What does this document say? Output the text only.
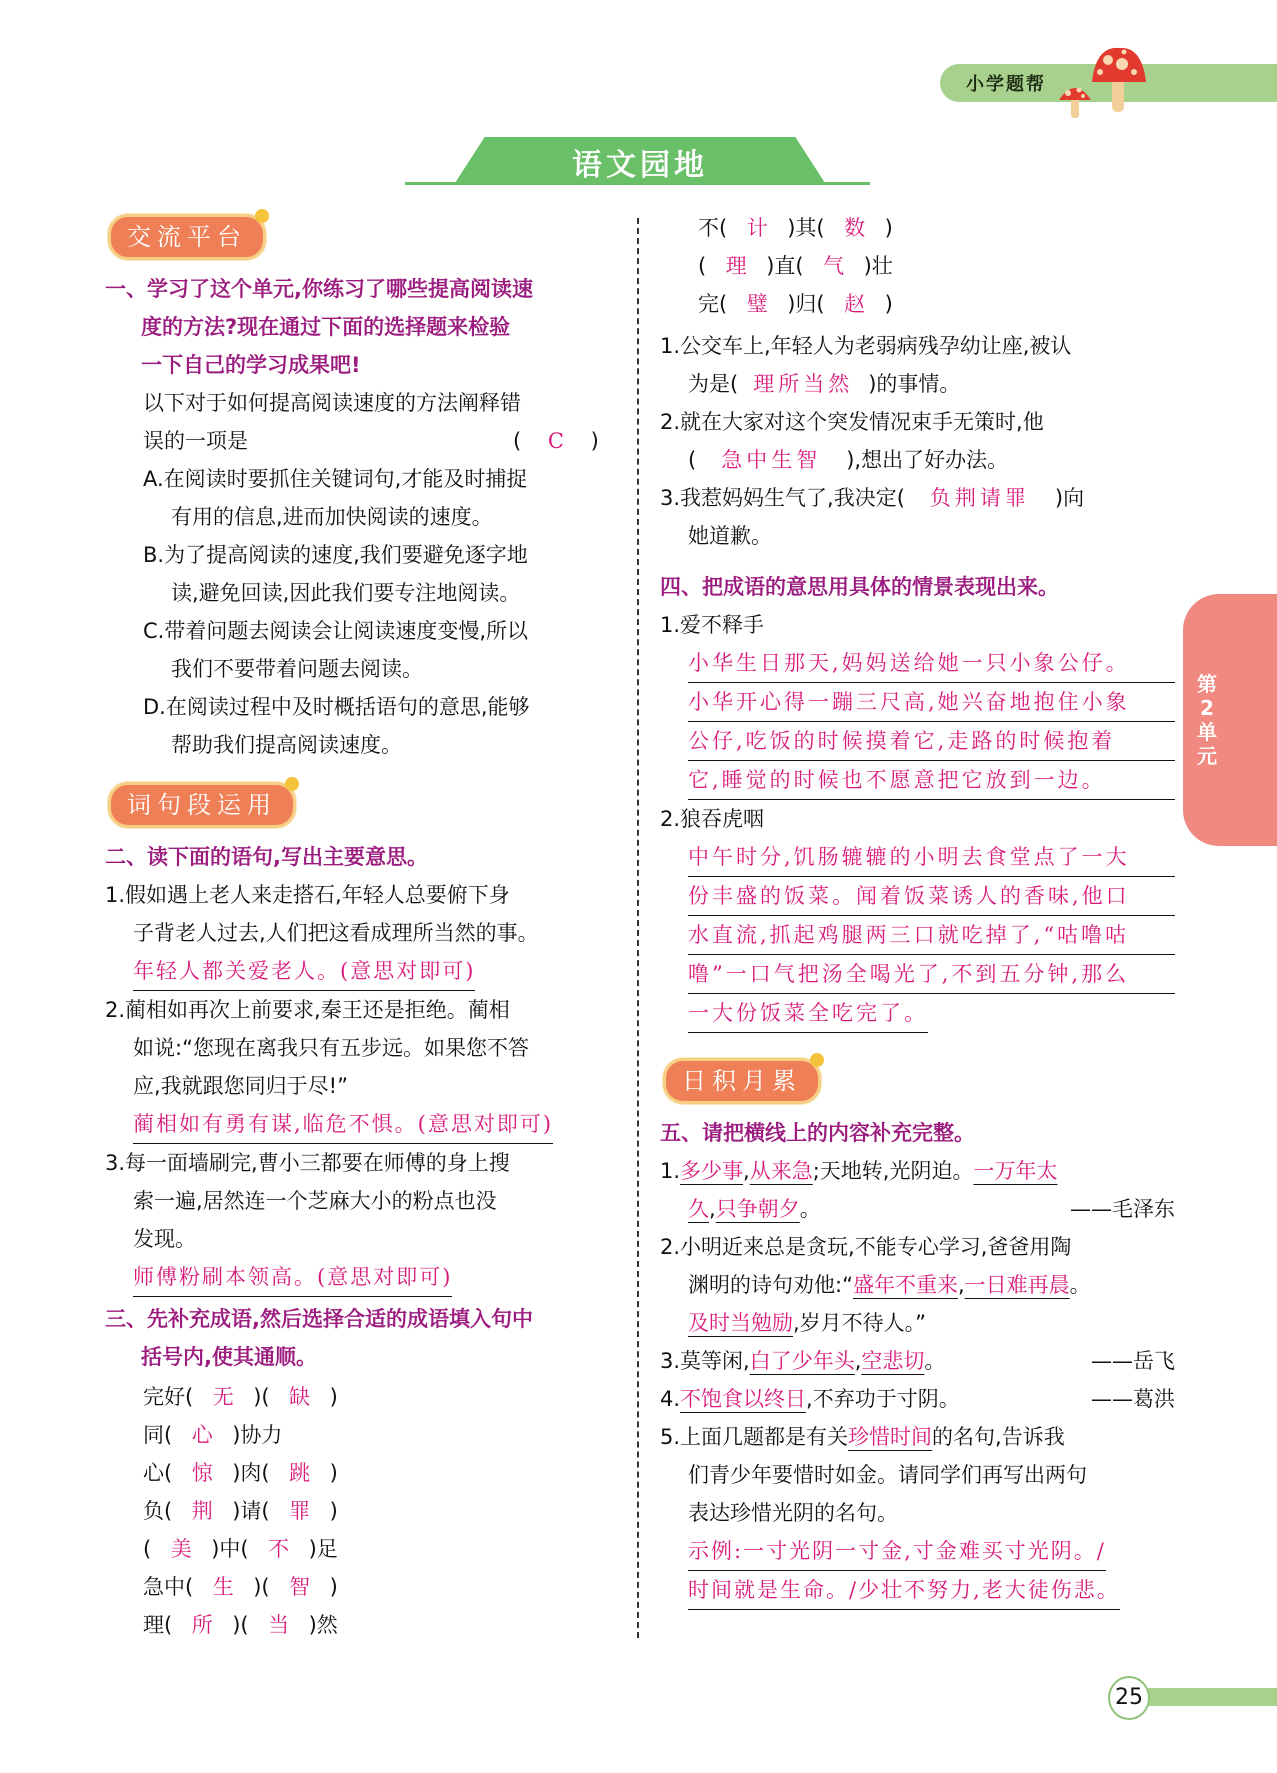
小学题帮
语文园地
交流平台
一、学习了这个单元,你练习了哪些提高阅读速
度的方法?现在通过下面的选择题来检验
一下自己的学习成果吧!
以下对于如何提高阅读速度的方法阐释错
误的一项是	(    C    )
A.在阅读时要抓住关键词句,才能及时捕捉
有用的信息,进而加快阅读的速度。
B.为了提高阅读的速度,我们要避免逐字地
读,避免回读,因此我们要专注地阅读。
C.带着问题去阅读会让阅读速度变慢,所以
我们不要带着问题去阅读。
D.在阅读过程中及时概括语句的意思,能够
帮助我们提高阅读速度。
词句段运用
二、读下面的语句,写出主要意思。
1.假如遇上老人来走搭石,年轻人总要俯下身
子背老人过去,人们把这看成理所当然的事。
年轻人都关爱老人。(意思对即可)
2.蔺相如再次上前要求,秦王还是拒绝。蔺相
如说:“您现在离我只有五步远。如果您不答
应,我就跟您同归于尽!”
蔺相如有勇有谋,临危不惧。(意思对即可)
3.每一面墙刷完,曹小三都要在师傅的身上搜
索一遍,居然连一个芝麻大小的粉点也没
发现。
师傅粉刷本领高。(意思对即可)
三、先补充成语,然后选择合适的成语填入句中
括号内,使其通顺。
完好( 无 )( 缺 )
同( 心 )协力
心( 惊 )肉( 跳 )
负( 荆 )请( 罪 )
( 美 )中( 不 )足
急中( 生 )( 智 )
理( 所 )( 当 )然
不( 计 )其( 数 )
( 理 )直( 气 )壮
完( 璧 )归( 赵 )
1.公交车上,年轻人为老弱病残孕幼让座,被认
为是( 理所当然 )的事情。
2.就在大家对这个突发情况束手无策时,他
( 急中生智 ),想出了好办法。
3.我惹妈妈生气了,我决定( 负荆请罪 )向
她道歉。
四、把成语的意思用具体的情景表现出来。
1.爱不释手
小华生日那天,妈妈送给她一只小象公仔。
小华开心得一蹦三尺高,她兴奋地抱住小象
公仔,吃饭的时候摸着它,走路的时候抱着
它,睡觉的时候也不愿意把它放到一边。
2.狼吞虎咽
中午时分,饥肠辘辘的小明去食堂点了一大
份丰盛的饭菜。闻着饭菜诱人的香味,他口
水直流,抓起鸡腿两三口就吃掉了,“咕噜咕
噜”一口气把汤全喝光了,不到五分钟,那么
一大份饭菜全吃完了。
日积月累
五、请把横线上的内容补充完整。
1.多少事,从来急;天地转,光阴迫。一万年太
久,只争朝夕。	——毛泽东
2.小明近来总是贪玩,不能专心学习,爸爸用陶
渊明的诗句劝他:“盛年不重来,一日难再晨。
及时当勉励,岁月不待人。”
3.莫等闲,白了少年头,空悲切。	——岳飞
4.不饱食以终日,不弃功于寸阴。	——葛洪
5.上面几题都是有关珍惜时间的名句,告诉我
们青少年要惜时如金。请同学们再写出两句
表达珍惜光阴的名句。
示例:一寸光阴一寸金,寸金难买寸光阴。/
时间就是生命。/少壮不努力,老大徒伤悲。
第
2
单
元
25
